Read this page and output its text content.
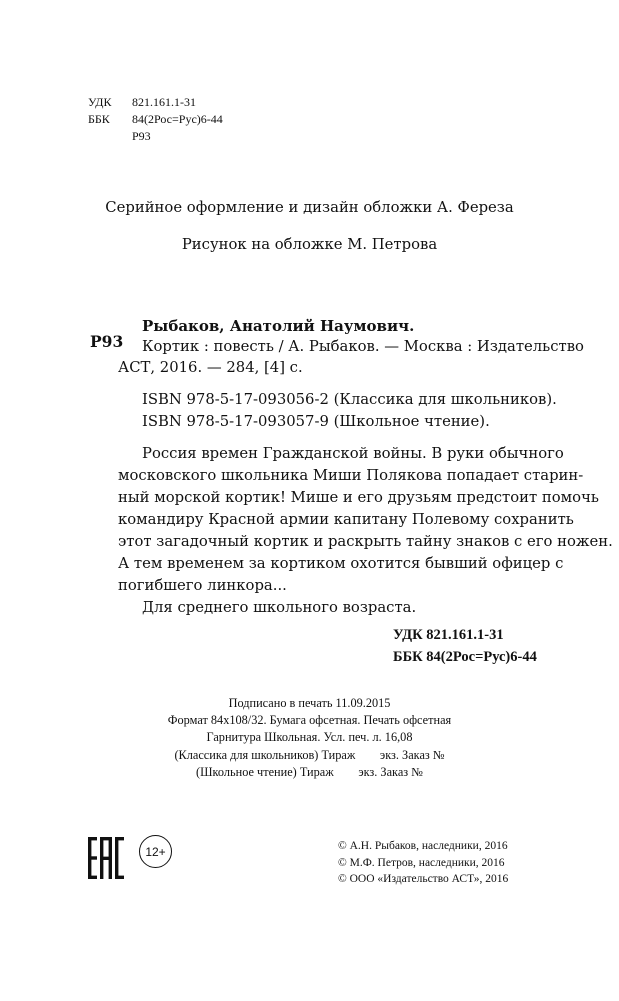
УДК	821.161.1-31
ББК	84(2Рос=Рус)6-44
Р93
Серийное оформление и дизайн обложки А. Фереза
Рисунок на обложке М. Петрова
Рыбаков, Анатолий Наумович.
Р93 Кортик : повесть / А. Рыбаков. — Москва : Издательство
АСТ, 2016. — 284, [4] с.
ISBN 978-5-17-093056-2 (Классика для школьников).
ISBN 978-5-17-093057-9 (Школьное чтение).
Россия времен Гражданской войны. В руки обычного
московского школьника Миши Полякова попадает старин-
ный морской кортик! Мише и его друзьям предстоит помочь
командиру Красной армии капитану Полевому сохранить
этот загадочный кортик и раскрыть тайну знаков с его ножен.
А тем временем за кортиком охотится бывший офицер с
погибшего линкора...
Для среднего школьного возраста.
УДК 821.161.1-31
ББК 84(2Рос=Рус)6-44
Подписано в печать 11.09.2015
Формат 84x108/32. Бумага офсетная. Печать офсетная
Гарнитура Школьная. Усл. печ. л. 16,08
(Классика для школьников) Тираж        экз. Заказ №
(Школьное чтение) Тираж        экз. Заказ №
12+	© А.Н. Рыбаков, наследники, 2016
© М.Ф. Петров, наследники, 2016
© ООО «Издательство АСТ», 2016
